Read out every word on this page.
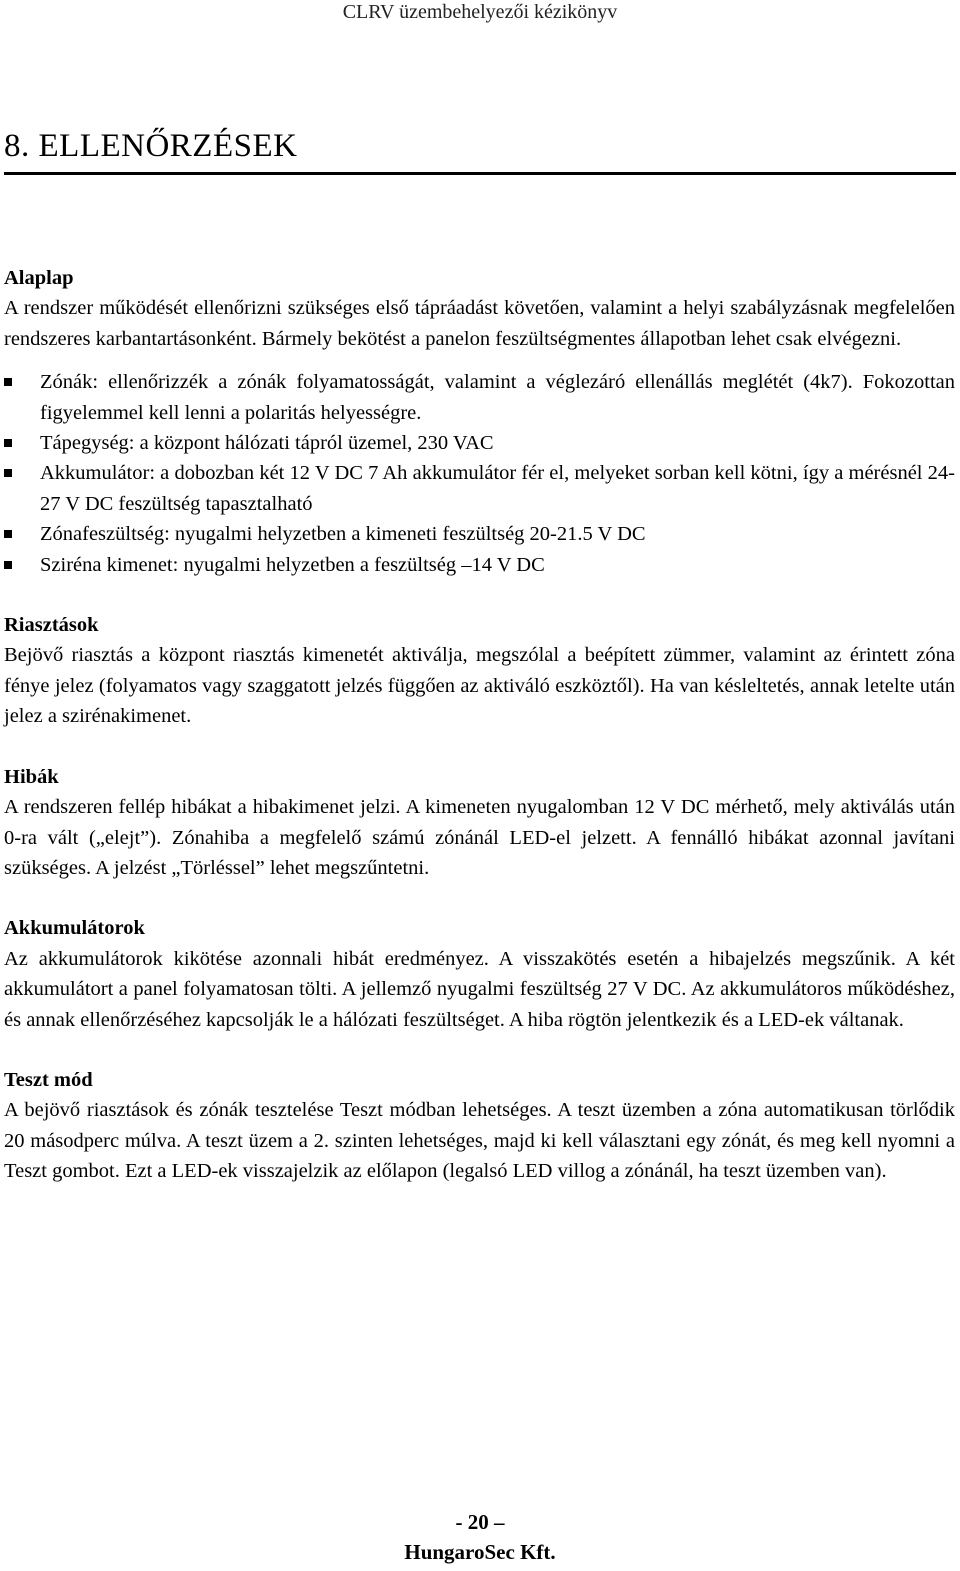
CLRV üzembehelyezői kézikönyv
8. ELLENŐRZÉSEK
Alaplap

A rendszer működését ellenőrizni szükséges első tápráadást követően, valamint a helyi szabályzásnak megfelelően rendszeres karbantartásonként. Bármely bekötést a panelon feszültségmentes állapotban lehet csak elvégezni.

Zónák: ellenőrizzék a zónák folyamatosságát, valamint a véglezáró ellenállás meglétét (4k7). Fokozottan figyelemmel kell lenni a polaritás helyességre.
Tápegység: a központ hálózati tápról üzemel, 230 VAC
Akkumulátor: a dobozban két 12 V DC 7 Ah akkumulátor fér el, melyeket sorban kell kötni, így a mérésnél 24-27 V DC feszültség tapasztalható
Zónafeszültség: nyugalmi helyzetben a kimeneti feszültség 20-21.5 V DC
Sziréna kimenet: nyugalmi helyzetben a feszültség –14 V DC
Riasztások

Bejövő riasztás a központ riasztás kimenetét aktiválja, megszólal a beépített zümmer, valamint az érintett zóna fénye jelez (folyamatos vagy szaggatott jelzés függően az aktiváló eszköztől). Ha van késleltetés, annak letelte után jelez a szirénakimenet.

Hibák

A rendszeren fellép hibákat a hibakimenet jelzi. A kimeneten nyugalomban 12 V DC mérhető, mely aktiválás után 0-ra vált („elejt”). Zónahiba a megfelelő számú zónánál LED-el jelzett. A fennálló hibákat azonnal javítani szükséges. A jelzést „Törléssel” lehet megszűntetni.

Akkumulátorok

Az akkumulátorok kikötése azonnali hibát eredményez. A visszakötés esetén a hibajelzés megszűnik. A két akkumulátort a panel folyamatosan tölti. A jellemző nyugalmi feszültség 27 V DC. Az akkumulátoros működéshez, és annak ellenőrzéséhez kapcsolják le a hálózati feszültséget. A hiba rögtön jelentkezik és a LED-ek váltanak.

Teszt mód

A bejövő riasztások és zónák tesztelése Teszt módban lehetséges. A teszt üzemben a zóna automatikusan törlődik 20 másodperc múlva. A teszt üzem a 2. szinten lehetséges, majd ki kell választani egy zónát, és meg kell nyomni a Teszt gombot. Ezt a LED-ek visszajelzik az előlapon (legalsó LED villog a zónánál, ha teszt üzemben van).

- 20 –
HungaroSec Kft.
